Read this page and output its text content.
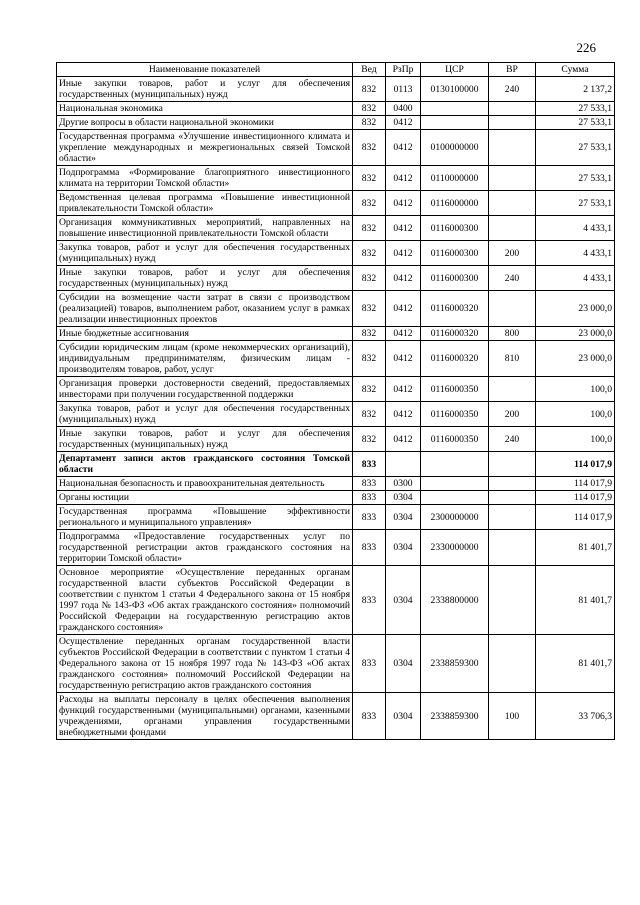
226
Наименование показателей	Вед	РзПр	ЦСР	ВР	Сумма
Иные закупки товаров, работ и услуг для обеспечения государственных (муниципальных) нужд	832	0113	0130100000	240	2 137,2
Национальная экономика	832	0400			27 533,1
Другие вопросы в области национальной экономики	832	0412			27 533,1
Государственная программа «Улучшение инвестиционного климата и укрепление международных и межрегиональных связей Томской области»	832	0412	0100000000		27 533,1
Подпрограмма «Формирование благоприятного инвестиционного климата на территории Томской области»	832	0412	0110000000		27 533,1
Ведомственная целевая программа «Повышение инвестиционной привлекательности Томской области»	832	0412	0116000000		27 533,1
Организация коммуникативных мероприятий, направленных на повышение инвестиционной привлекательности Томской области	832	0412	0116000300		4 433,1
Закупка товаров, работ и услуг для обеспечения государственных (муниципальных) нужд	832	0412	0116000300	200	4 433,1
Иные закупки товаров, работ и услуг для обеспечения государственных (муниципальных) нужд	832	0412	0116000300	240	4 433,1
Субсидии на возмещение части затрат в связи с производством (реализацией) товаров, выполнением работ, оказанием услуг в рамках реализации инвестиционных проектов	832	0412	0116000320		23 000,0
Иные бюджетные ассигнования	832	0412	0116000320	800	23 000,0
Субсидии юридическим лицам (кроме некоммерческих организаций), индивидуальным предпринимателям, физическим лицам - производителям товаров, работ, услуг	832	0412	0116000320	810	23 000,0
Организация проверки достоверности сведений, предоставляемых инвесторами при получении государственной поддержки	832	0412	0116000350		100,0
Закупка товаров, работ и услуг для обеспечения государственных (муниципальных) нужд	832	0412	0116000350	200	100,0
Иные закупки товаров, работ и услуг для обеспечения государственных (муниципальных) нужд	832	0412	0116000350	240	100,0
Департамент записи актов гражданского состояния Томской области	833				114 017,9
Национальная безопасность и правоохранительная деятельность	833	0300			114 017,9
Органы юстиции	833	0304			114 017,9
Государственная программа «Повышение эффективности регионального и муниципального управления»	833	0304	2300000000		114 017,9
Подпрограмма «Предоставление государственных услуг по государственной регистрации актов гражданского состояния на территории Томской области»	833	0304	2330000000		81 401,7
Основное мероприятие «Осуществление переданных органам государственной власти субъектов Российской Федерации в соответствии с пунктом 1 статьи 4 Федерального закона от 15 ноября 1997 года № 143-ФЗ «Об актах гражданского состояния» полномочий Российской Федерации на государственную регистрацию актов гражданского состояния»	833	0304	2338800000		81 401,7
Осуществление переданных органам государственной власти субъектов Российской Федерации в соответствии с пунктом 1 статьи 4 Федерального закона от 15 ноября 1997 года № 143-ФЗ «Об актах гражданского состояния» полномочий Российской Федерации на государственную регистрацию актов гражданского состояния	833	0304	2338859300		81 401,7
Расходы на выплаты персоналу в целях обеспечения выполнения функций государственными (муниципальными) органами, казенными учреждениями, органами управления государственными внебюджетными фондами	833	0304	2338859300	100	33 706,3
